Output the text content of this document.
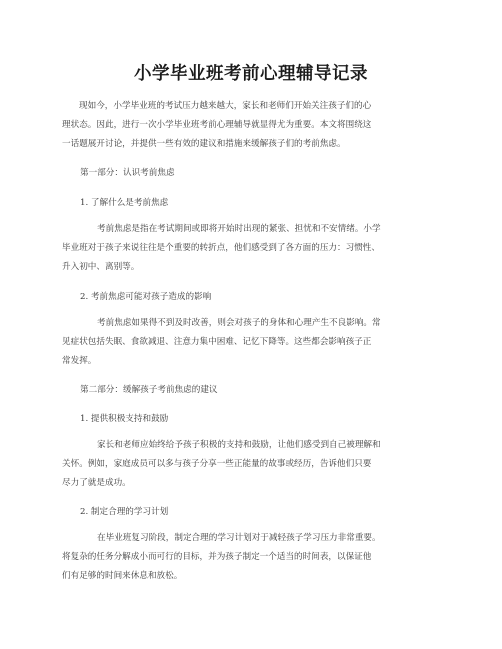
小学毕业班考前心理辅导记录
现如今，小学毕业班的考试压力越来越大，家长和老师们开始关注孩子们的心
理状态。因此，进行一次小学毕业班考前心理辅导就显得尤为重要。本文将围绕这
一话题展开讨论，并提供一些有效的建议和措施来缓解孩子们的考前焦虑。
第一部分：认识考前焦虑
1. 了解什么是考前焦虑
考前焦虑是指在考试期间或即将开始时出现的紧张、担忧和不安情绪。小学
毕业班对于孩子来说往往是个重要的转折点，他们感受到了各方面的压力：习惯性、
升入初中、离别等。
2. 考前焦虑可能对孩子造成的影响
考前焦虑如果得不到及时改善，则会对孩子的身体和心理产生不良影响。常
见症状包括失眠、食欲减退、注意力集中困难、记忆下降等。这些都会影响孩子正
常发挥。
第二部分：缓解孩子考前焦虑的建议
1. 提供积极支持和鼓励
家长和老师应始终给予孩子积极的支持和鼓励，让他们感受到自己被理解和
关怀。例如，家庭成员可以多与孩子分享一些正能量的故事或经历，告诉他们只要
尽力了就是成功。
2. 制定合理的学习计划
在毕业班复习阶段，制定合理的学习计划对于减轻孩子学习压力非常重要。
将复杂的任务分解成小而可行的目标，并为孩子制定一个适当的时间表，以保证他
们有足够的时间来休息和放松。
